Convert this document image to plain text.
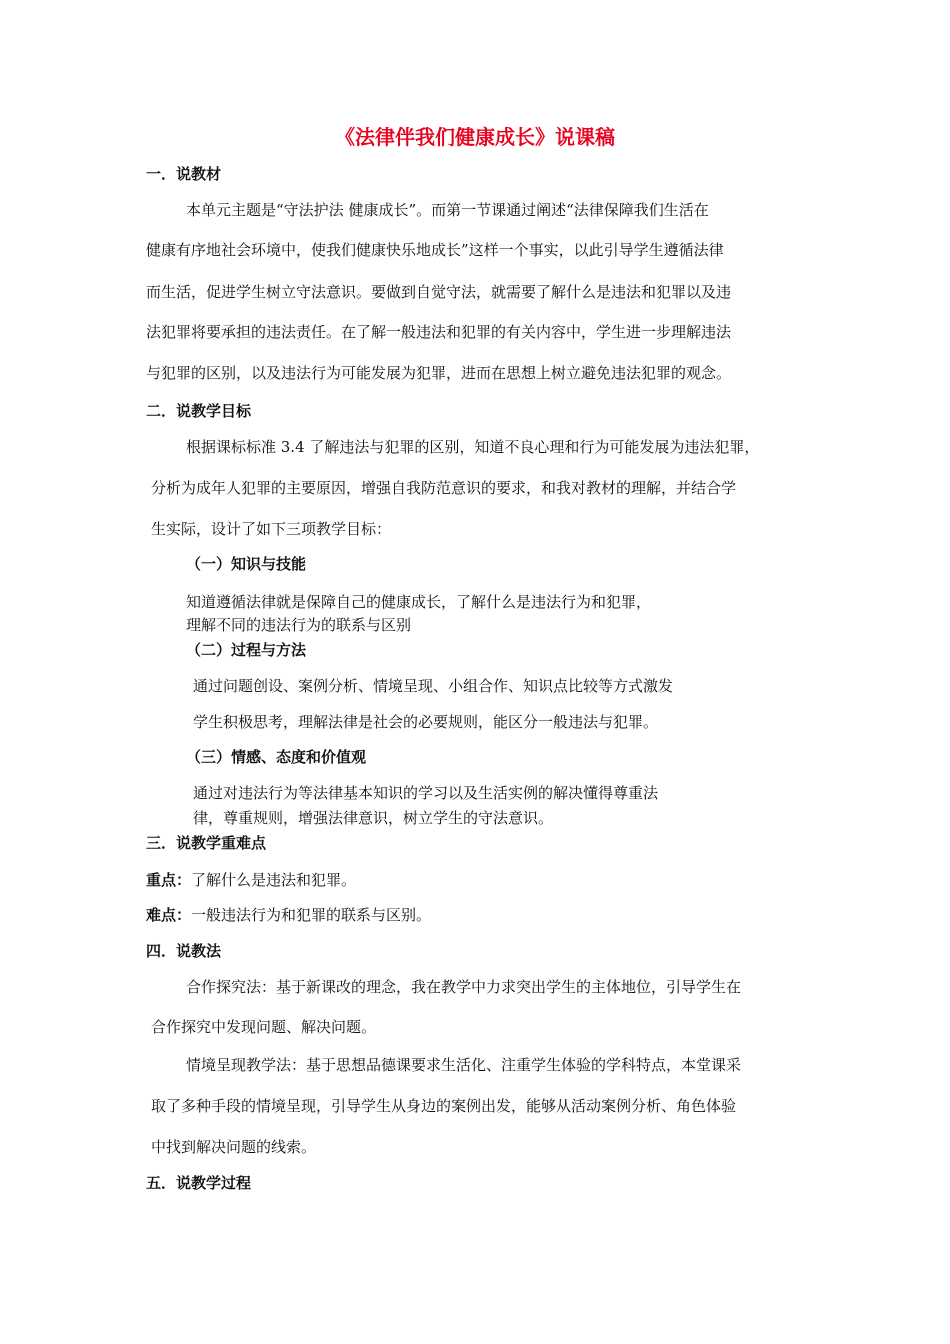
《法律伴我们健康成长》说课稿
一．说教材
本单元主题是“守法护法 健康成长”。而第一节课通过阐述“法律保障我们生活在
健康有序地社会环境中，使我们健康快乐地成长”这样一个事实，以此引导学生遵循法律
而生活，促进学生树立守法意识。要做到自觉守法，就需要了解什么是违法和犯罪以及违
法犯罪将要承担的违法责任。在了解一般违法和犯罪的有关内容中，学生进一步理解违法
与犯罪的区别，以及违法行为可能发展为犯罪，进而在思想上树立避免违法犯罪的观念。
二．说教学目标
根据课标标准 3.4 了解违法与犯罪的区别，知道不良心理和行为可能发展为违法犯罪，
分析为成年人犯罪的主要原因，增强自我防范意识的要求，和我对教材的理解，并结合学
生实际，设计了如下三项教学目标：
（一）知识与技能
知道遵循法律就是保障自己的健康成长，了解什么是违法行为和犯罪，
理解不同的违法行为的联系与区别
（二）过程与方法
通过问题创设、案例分析、情境呈现、小组合作、知识点比较等方式激发
学生积极思考，理解法律是社会的必要规则，能区分一般违法与犯罪。
（三）情感、态度和价值观
通过对违法行为等法律基本知识的学习以及生活实例的解决懂得尊重法
律，尊重规则，增强法律意识，树立学生的守法意识。
三．说教学重难点
重点：了解什么是违法和犯罪。
难点：一般违法行为和犯罪的联系与区别。
四．说教法
合作探究法：基于新课改的理念，我在教学中力求突出学生的主体地位，引导学生在
合作探究中发现问题、解决问题。
情境呈现教学法：基于思想品德课要求生活化、注重学生体验的学科特点，本堂课采
取了多种手段的情境呈现，引导学生从身边的案例出发，能够从活动案例分析、角色体验
中找到解决问题的线索。
五．说教学过程
